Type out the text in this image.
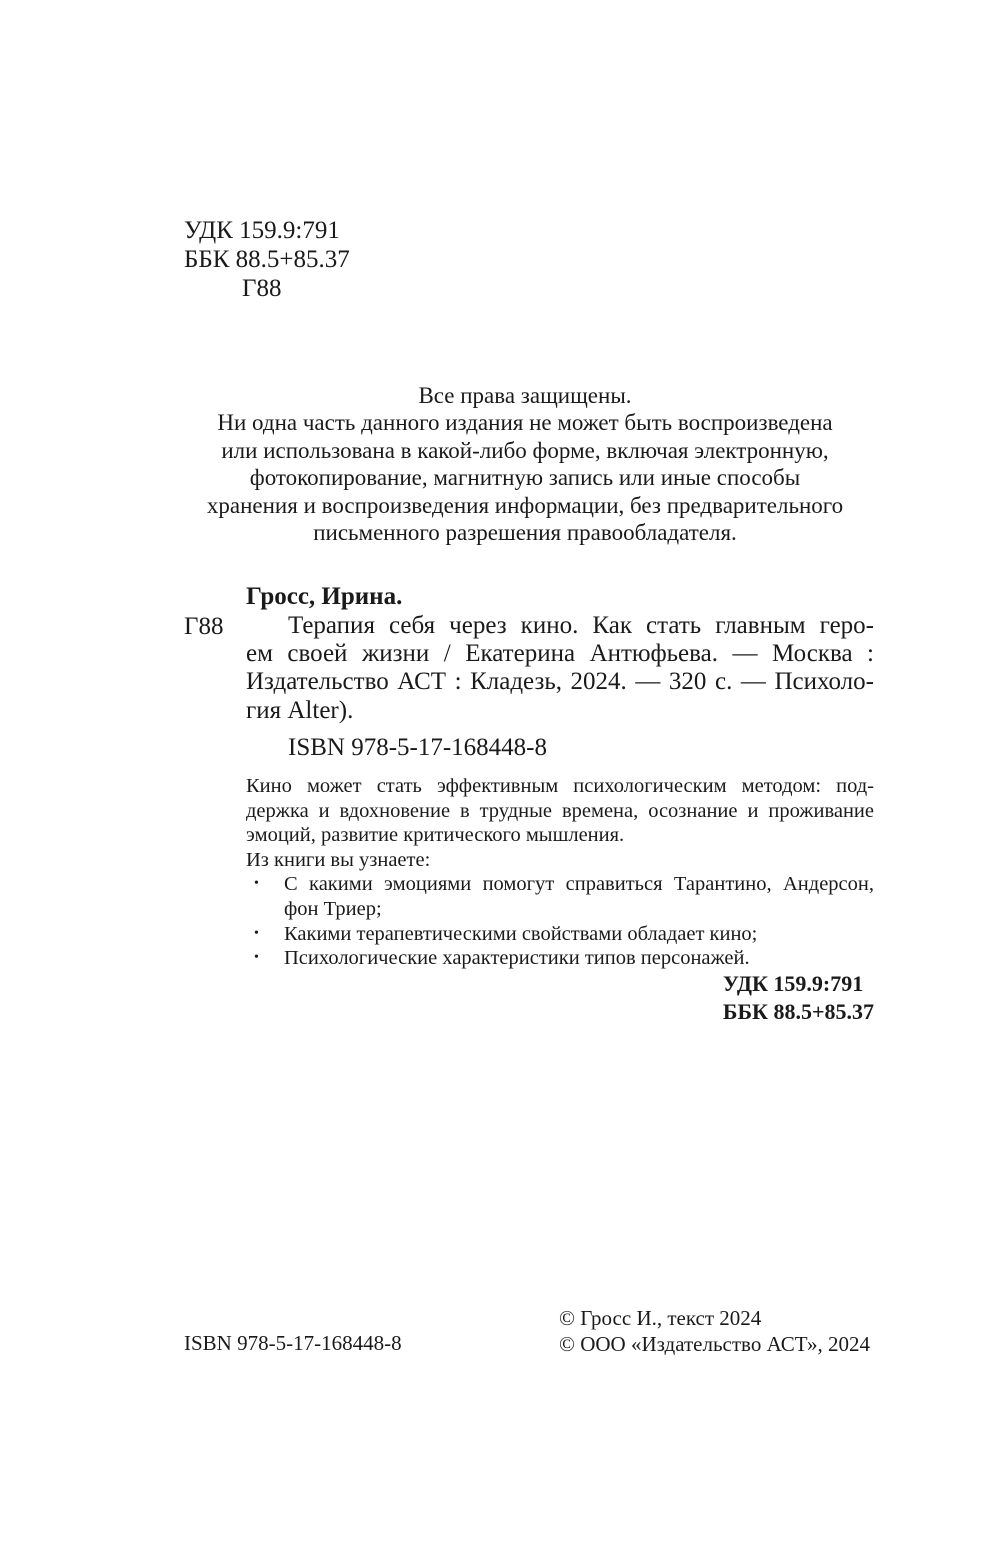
УДК 159.9:791
ББК 88.5+85.37
Г88
Все права защищены.
Ни одна часть данного издания не может быть воспроизведена
или использована в какой-либо форме, включая электронную,
фотокопирование, магнитную запись или иные способы
хранения и воспроизведения информации, без предварительного
письменного разрешения правообладателя.
Гросс, Ирина.
Г88	Терапия себя через кино. Как стать главным геро-
ем своей жизни / Екатерина Антюфьева. — Москва :
Издательство АСТ : Кладезь, 2024. — 320 с. — Психоло-
гия Alter).
ISBN 978-5-17-168448-8
Кино может стать эффективным психологическим методом: под-
держка и вдохновение в трудные времена, осознание и проживание
эмоций, развитие критического мышления.
Из книги вы узнаете:
• С какими эмоциями помогут справиться Тарантино, Андерсон,
фон Триер;
• Какими терапевтическими свойствами обладает кино;
• Психологические характеристики типов персонажей.
УДК 159.9:791
ББК 88.5+85.37
ISBN 978-5-17-168448-8
© Гросс И., текст 2024
© ООО «Издательство АСТ», 2024
